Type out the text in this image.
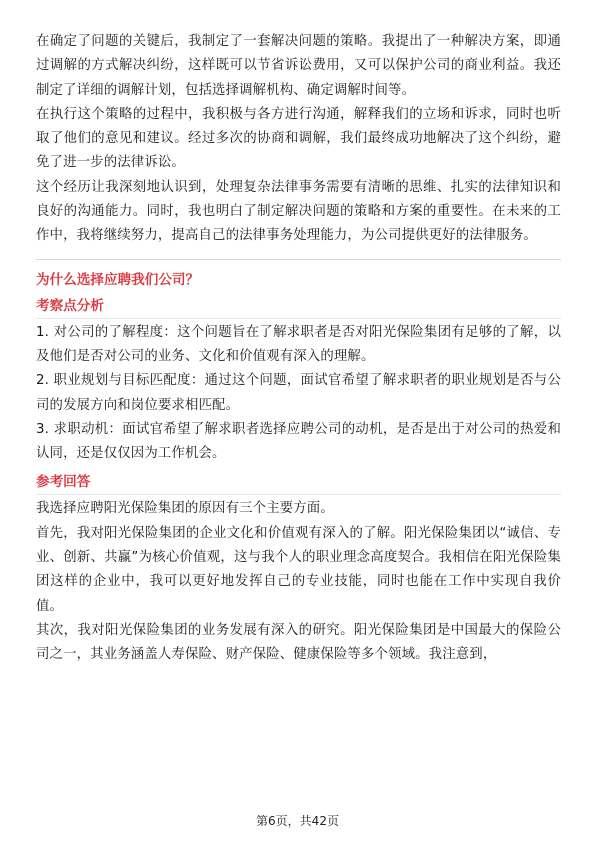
在确定了问题的关键后，我制定了一套解决问题的策略。我提出了一种解决方案，即通过调解的方式解决纠纷，这样既可以节省诉讼费用，又可以保护公司的商业利益。我还制定了详细的调解计划，包括选择调解机构、确定调解时间等。

在执行这个策略的过程中，我积极与各方进行沟通，解释我们的立场和诉求，同时也听取了他们的意见和建议。经过多次的协商和调解，我们最终成功地解决了这个纠纷，避免了进一步的法律诉讼。

这个经历让我深刻地认识到，处理复杂法律事务需要有清晰的思维、扎实的法律知识和良好的沟通能力。同时，我也明白了制定解决问题的策略和方案的重要性。在未来的工作中，我将继续努力，提高自己的法律事务处理能力，为公司提供更好的法律服务。

为什么选择应聘我们公司？
考察点分析

1. 对公司的了解程度：这个问题旨在了解求职者是否对阳光保险集团有足够的了解，以及他们是否对公司的业务、文化和价值观有深入的理解。

2. 职业规划与目标匹配度：通过这个问题，面试官希望了解求职者的职业规划是否与公司的发展方向和岗位要求相匹配。

3. 求职动机：面试官希望了解求职者选择应聘公司的动机，是否是出于对公司的热爱和认同，还是仅仅因为工作机会。

参考回答

我选择应聘阳光保险集团的原因有三个主要方面。

首先，我对阳光保险集团的企业文化和价值观有深入的了解。阳光保险集团以“诚信、专业、创新、共赢”为核心价值观，这与我个人的职业理念高度契合。我相信在阳光保险集团这样的企业中，我可以更好地发挥自己的专业技能，同时也能在工作中实现自我价值。

其次，我对阳光保险集团的业务发展有深入的研究。阳光保险集团是中国最大的保险公司之一，其业务涵盖人寿保险、财产保险、健康保险等多个领域。我注意到，

第6页，共42页
